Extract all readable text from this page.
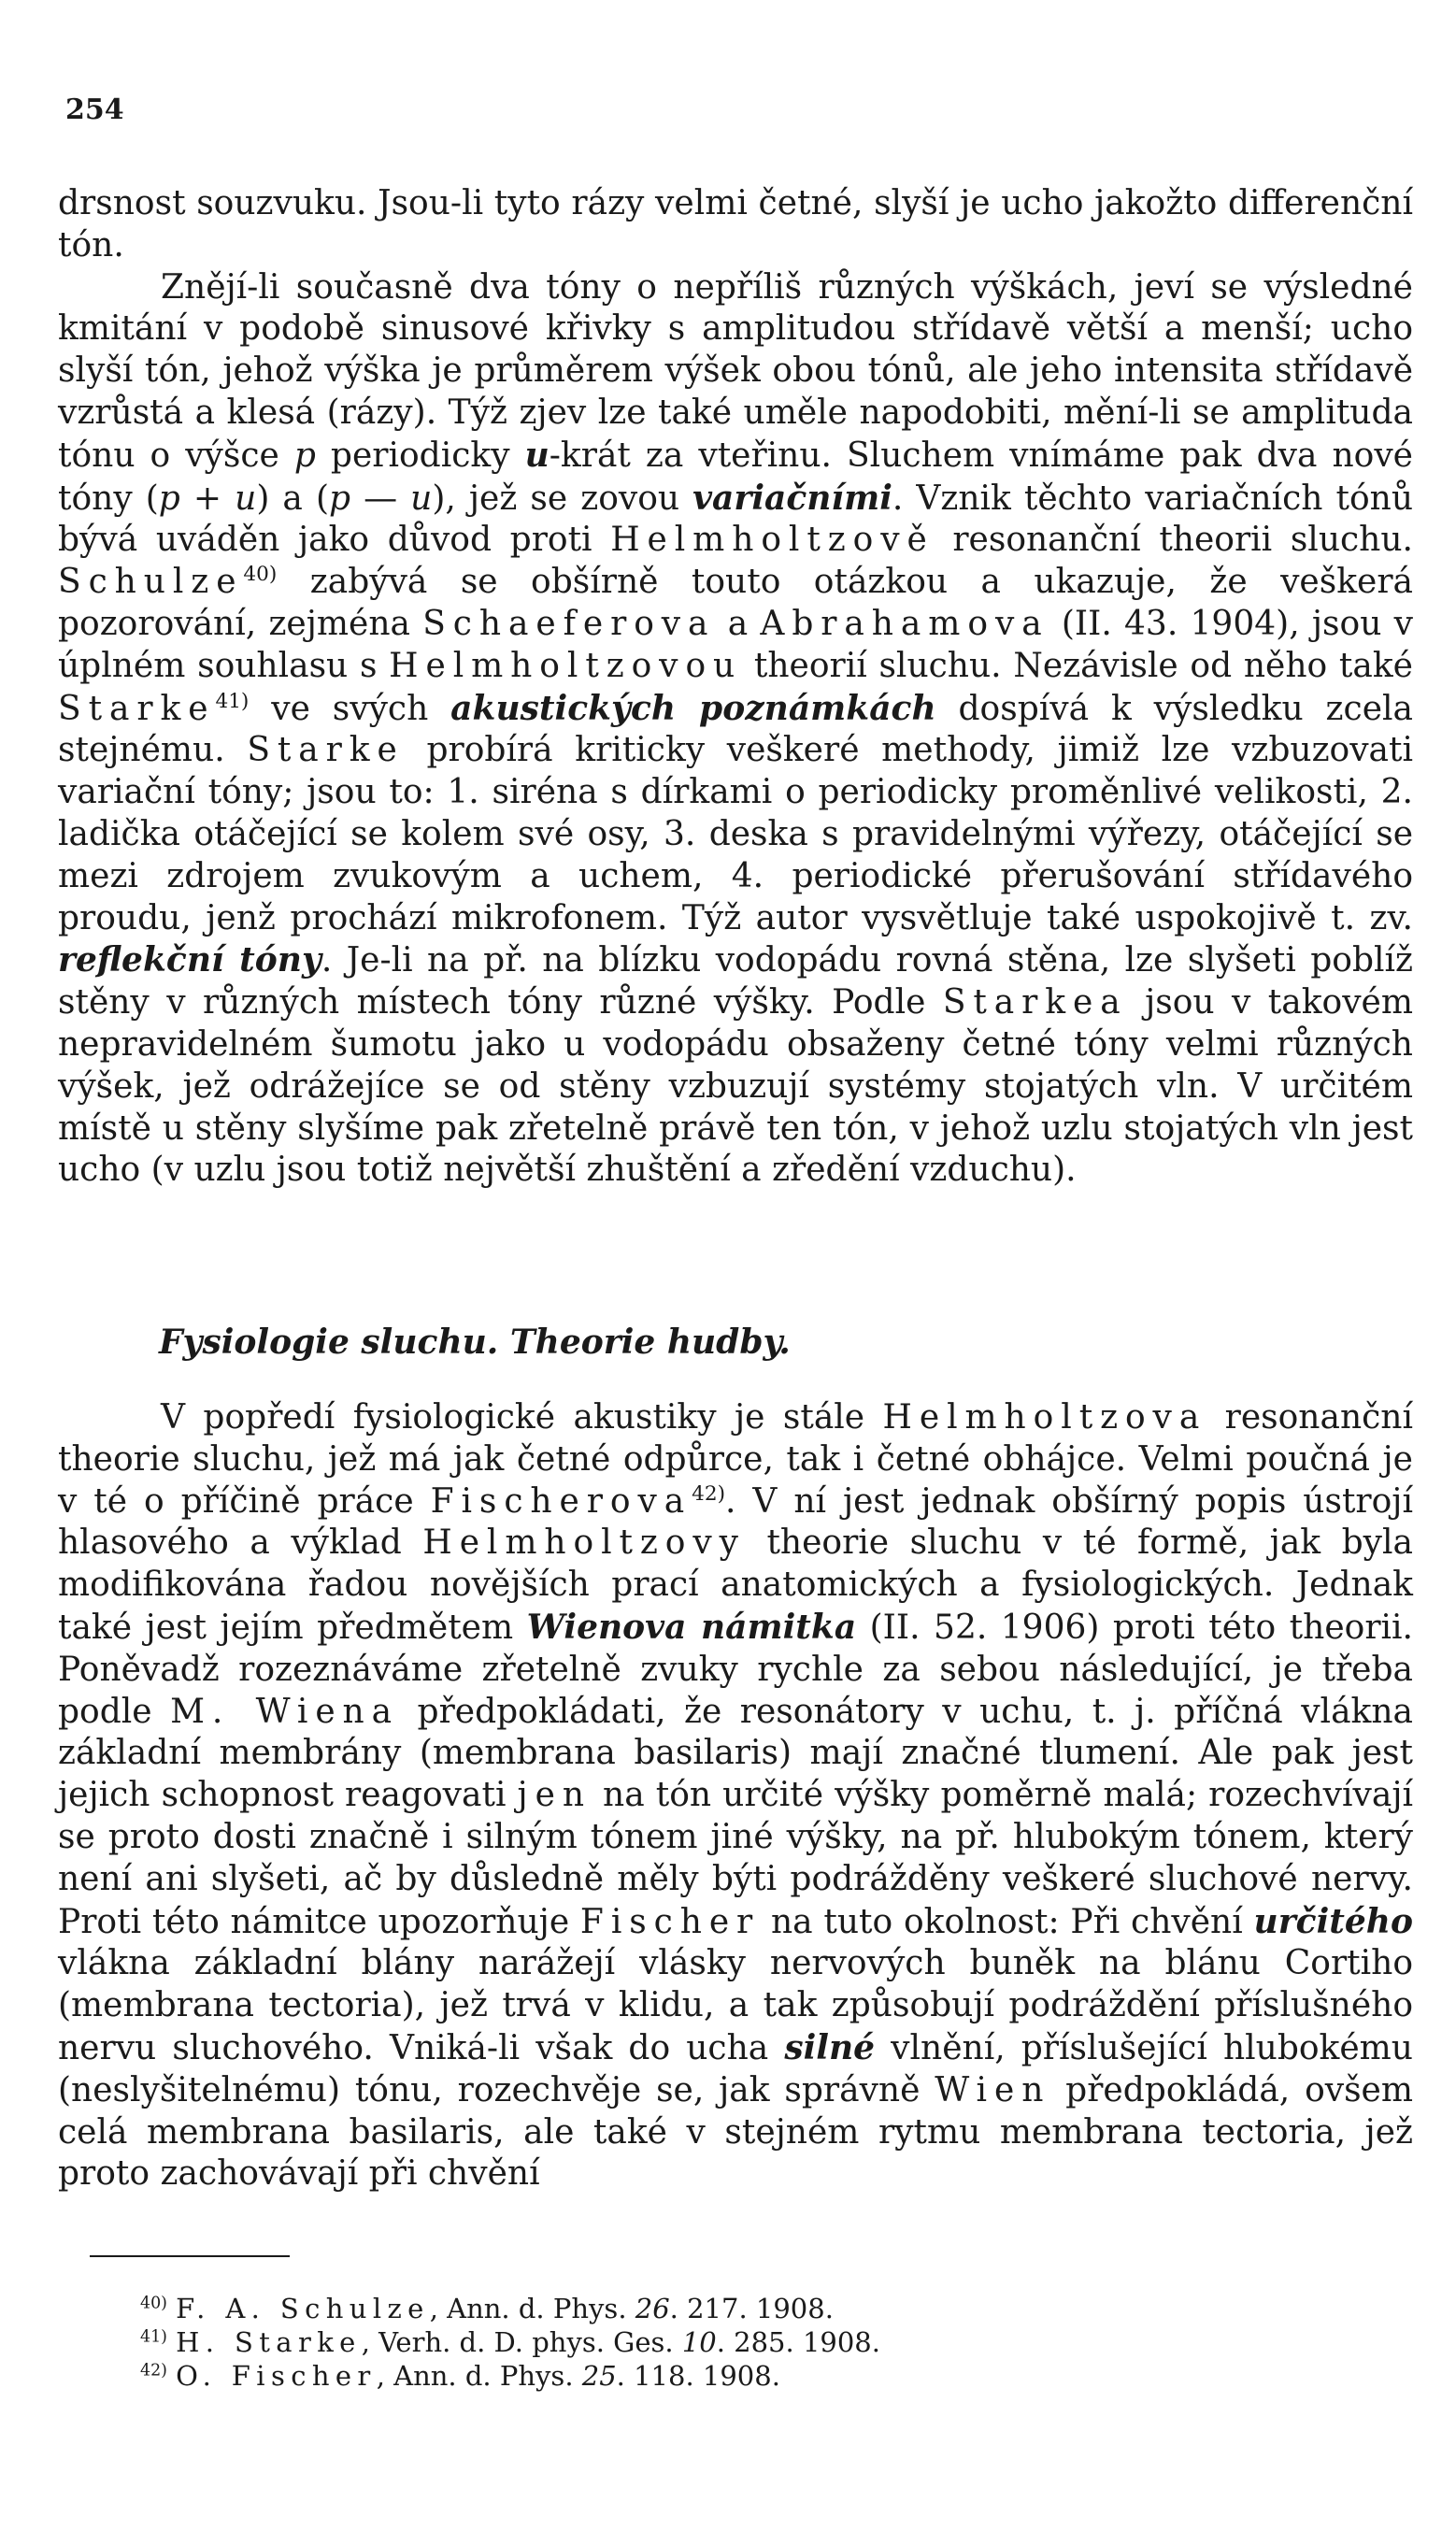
254

drsnost souzvuku. Jsou-li tyto rázy velmi četné, slyší je ucho jakožto differenční tón.

Znějí-li současně dva tóny o nepříliš různých výškách, jeví se výsledné kmitání v podobě sinusové křivky s amplitudou střídavě větší a menší; ucho slyší tón, jehož výška je průměrem výšek obou tónů, ale jeho intensita střídavě vzrůstá a klesá (rázy). Týž zjev lze také uměle napodobiti, mění-li se amplituda tónu o výšce p periodicky u-krát za vteřinu. Sluchem vnímáme pak dva nové tóny (p + u) a (p — u), jež se zovou variačními. Vznik těchto variačních tónů bývá uváděn jako důvod proti Helmholtzově resonanční theorii sluchu. Schulze$^{40)}$ zabývá se obšírně touto otázkou a ukazuje, že veškerá pozorování, zejména Schaeferova a Abrahamova (II. 43. 1904), jsou v úplném souhlasu s Helmholtzovou theorií sluchu. Nezávisle od něho také Starke$^{41)}$ ve svých akustických poznámkách dospívá k výsledku zcela stejnému. Starke probírá kriticky veškeré methody, jimiž lze vzbuzovati variační tóny; jsou to: 1. siréna s dírkami o periodicky proměnlivé velikosti, 2. ladička otáčející se kolem své osy, 3. deska s pravidelnými výřezy, otáčející se mezi zdrojem zvukovým a uchem, 4. periodické přerušování střídavého proudu, jenž prochází mikrofonem. Týž autor vysvětluje také uspokojivě t. zv. reflekční tóny. Je-li na př. na blízku vodopádu rovná stěna, lze slyšeti poblíž stěny v různých místech tóny různé výšky. Podle Starkea jsou v takovém nepravidelném šumotu jako u vodopádu obsaženy četné tóny velmi různých výšek, jež odrážejíce se od stěny vzbuzují systémy stojatých vln. V určitém místě u stěny slyšíme pak zřetelně právě ten tón, v jehož uzlu stojatých vln jest ucho (v uzlu jsou totiž největší zhuštění a zředění vzduchu).

Fysiologie sluchu. Theorie hudby.

V popředí fysiologické akustiky je stále Helmholtzova resonanční theorie sluchu, jež má jak četné odpůrce, tak i četné obhájce. Velmi poučná je v té o příčině práce Fischerova$^{42)}$. V ní jest jednak obšírný popis ústrojí hlasového a výklad Helmholtzovy theorie sluchu v té formě, jak byla modifikována řadou novějších prací anatomických a fysiologických. Jednak také jest jejím předmětem Wienova námitka (II. 52. 1906) proti této theorii. Poněvadž rozeznáváme zřetelně zvuky rychle za sebou následující, je třeba podle M. Wiena předpokládati, že resonátory v uchu, t. j. příčná vlákna základní membrány (membrana basilaris) mají značné tlumení. Ale pak jest jejich schopnost reagovati jen na tón určité výšky poměrně malá; rozechvívají se proto dosti značně i silným tónem jiné výšky, na př. hlubokým tónem, který není ani slyšeti, ač by důsledně měly býti podrážděny veškeré sluchové nervy. Proti této námitce upozorňuje Fischer na tuto okolnost: Při chvění určitého vlákna základní blány narážejí vlásky nervových buněk na blánu Cortiho (membrana tectoria), jež trvá v klidu, a tak způsobují podráždění příslušného nervu sluchového. Vniká-li však do ucha silné vlnění, příslušející hlubokému (neslyšitelnému) tónu, rozechvěje se, jak správně Wien předpokládá, ovšem celá membrana basilaris, ale také v stejném rytmu membrana tectoria, jež proto zachovávají při chvění

$^{40)}$ F. A. Schulze, Ann. d. Phys. 26. 217. 1908.
$^{41)}$ H. Starke, Verh. d. D. phys. Ges. 10. 285. 1908.
$^{42)}$ O. Fischer, Ann. d. Phys. 25. 118. 1908.
